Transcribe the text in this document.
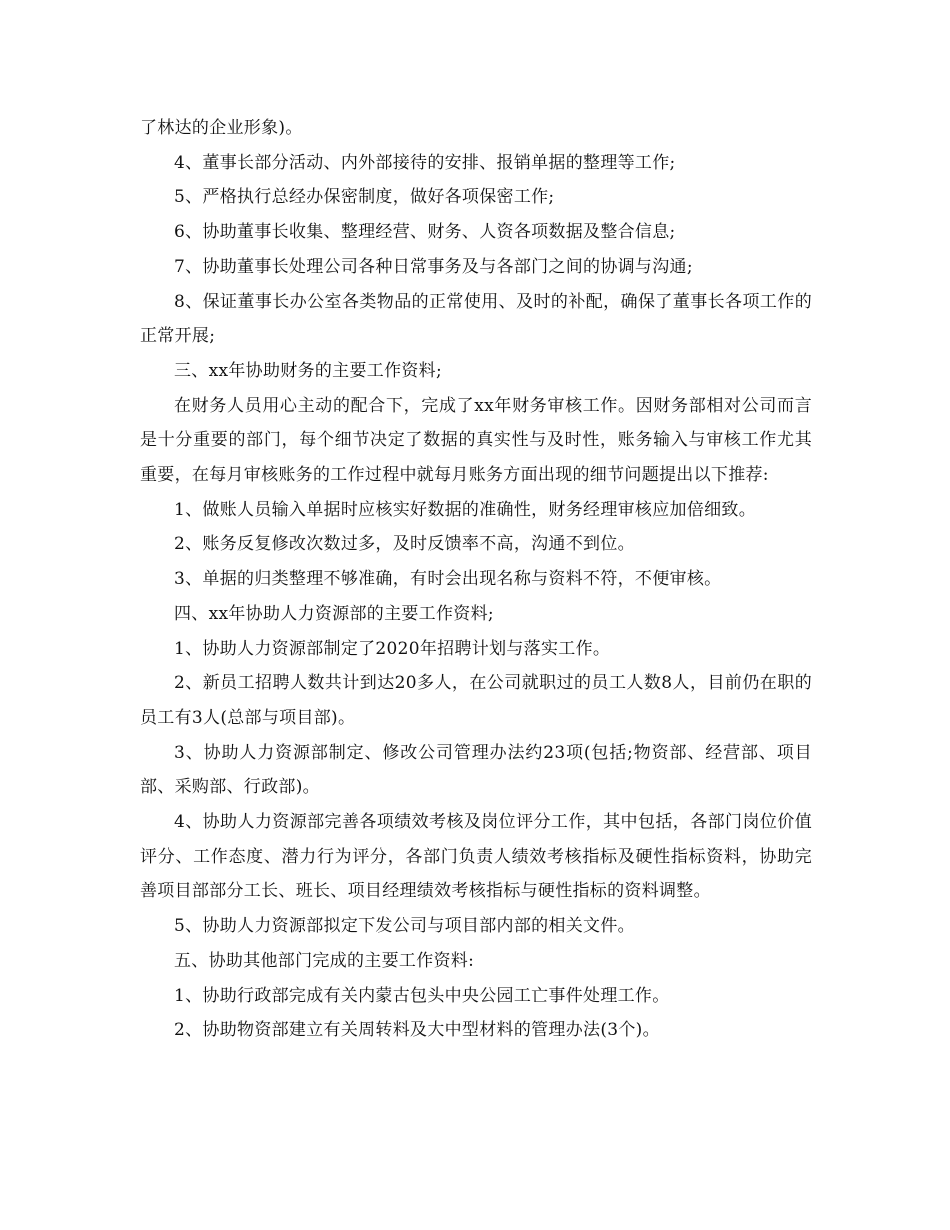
了林达的企业形象)。

4、董事长部分活动、内外部接待的安排、报销单据的整理等工作;

5、严格执行总经办保密制度，做好各项保密工作;

6、协助董事长收集、整理经营、财务、人资各项数据及整合信息;

7、协助董事长处理公司各种日常事务及与各部门之间的协调与沟通;

8、保证董事长办公室各类物品的正常使用、及时的补配，确保了董事长各项工作的正常开展;

三、xx年协助财务的主要工作资料;

在财务人员用心主动的配合下，完成了xx年财务审核工作。因财务部相对公司而言是十分重要的部门，每个细节决定了数据的真实性与及时性，账务输入与审核工作尤其重要，在每月审核账务的工作过程中就每月账务方面出现的细节问题提出以下推荐:

1、做账人员输入单据时应核实好数据的准确性，财务经理审核应加倍细致。

2、账务反复修改次数过多，及时反馈率不高，沟通不到位。

3、单据的归类整理不够准确，有时会出现名称与资料不符，不便审核。

四、xx年协助人力资源部的主要工作资料;

1、协助人力资源部制定了2020年招聘计划与落实工作。

2、新员工招聘人数共计到达20多人，在公司就职过的员工人数8人，目前仍在职的员工有3人(总部与项目部)。

3、协助人力资源部制定、修改公司管理办法约23项(包括;物资部、经营部、项目部、采购部、行政部)。

4、协助人力资源部完善各项绩效考核及岗位评分工作，其中包括，各部门岗位价值评分、工作态度、潜力行为评分，各部门负责人绩效考核指标及硬性指标资料，协助完善项目部部分工长、班长、项目经理绩效考核指标与硬性指标的资料调整。

5、协助人力资源部拟定下发公司与项目部内部的相关文件。

五、协助其他部门完成的主要工作资料:

1、协助行政部完成有关内蒙古包头中央公园工亡事件处理工作。

2、协助物资部建立有关周转料及大中型材料的管理办法(3个)。
